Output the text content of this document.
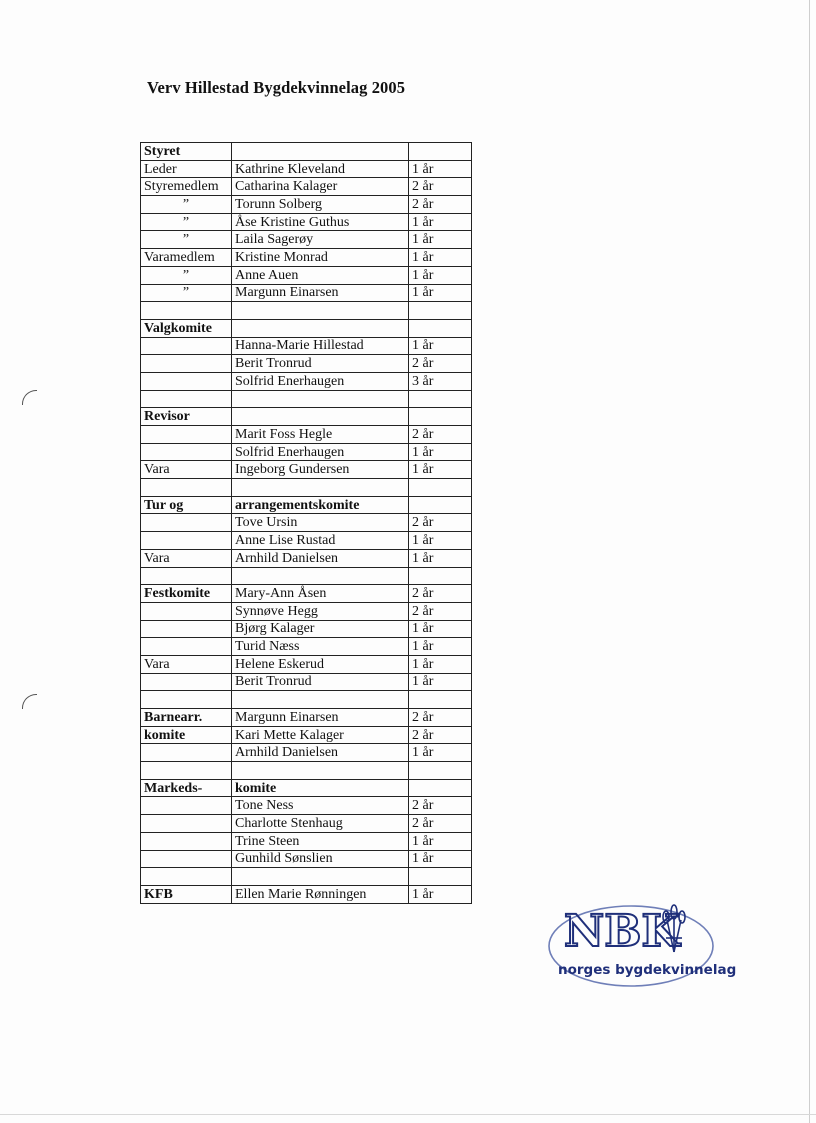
Verv Hillestad Bygdekvinnelag 2005
Styret		
Leder	Kathrine Kleveland	1 år
Styremedlem	Catharina Kalager	2 år
”	Torunn Solberg	2 år
”	Åse Kristine Guthus	1 år
”	Laila Sagerøy	1 år
Varamedlem	Kristine Monrad	1 år
”	Anne Auen	1 år
”	Margunn Einarsen	1 år

Valgkomite		
	Hanna-Marie Hillestad	1 år
	Berit Tronrud	2 år
	Solfrid Enerhaugen	3 år

Revisor		
	Marit Foss Hegle	2 år
	Solfrid Enerhaugen	1 år
Vara	Ingeborg Gundersen	1 år

Tur og	arrangementskomite	
	Tove Ursin	2 år
	Anne Lise Rustad	1 år
Vara	Arnhild Danielsen	1 år

Festkomite	Mary-Ann Åsen	2 år
	Synnøve Hegg	2 år
	Bjørg Kalager	1 år
	Turid Næss	1 år
Vara	Helene Eskerud	1 år
	Berit Tronrud	1 år

Barnearr.	Margunn Einarsen	2 år
komite	Kari Mette Kalager	2 år
	Arnhild Danielsen	1 år

Markeds-	komite	
	Tone Ness	2 år
	Charlotte Stenhaug	2 år
	Trine Steen	1 år
	Gunhild Sønslien	1 år

KFB	Ellen Marie Rønningen	1 år
NBK
norges bygdekvinnelag
